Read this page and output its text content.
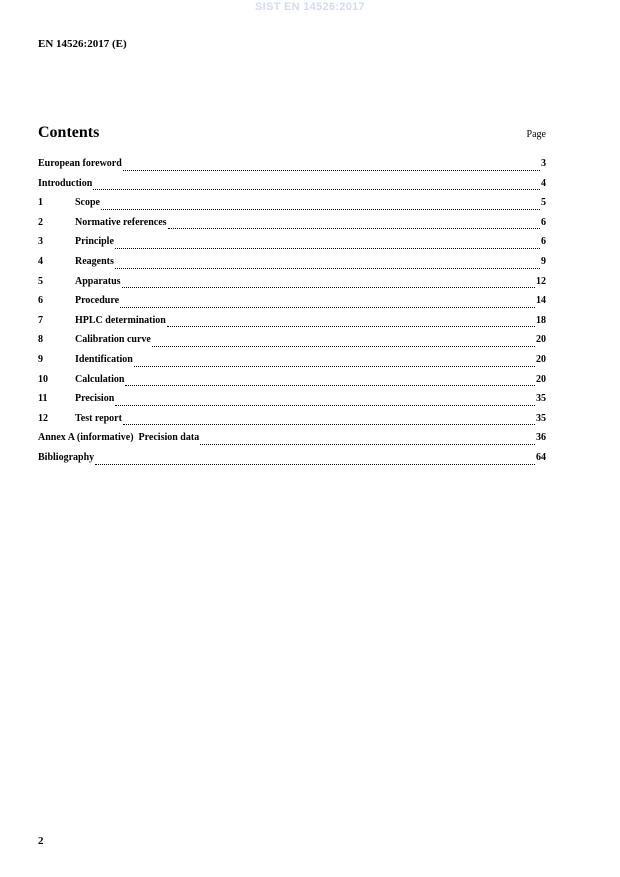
SIST EN 14526:2017
EN 14526:2017 (E)
Contents	Page
European foreword	3
Introduction	4
1	Scope	5
2	Normative references	6
3	Principle	6
4	Reagents	9
5	Apparatus	12
6	Procedure	14
7	HPLC determination	18
8	Calibration curve	20
9	Identification	20
10	Calculation	20
11	Precision	35
12	Test report	35
Annex A (informative)  Precision data	36
Bibliography	64
2
